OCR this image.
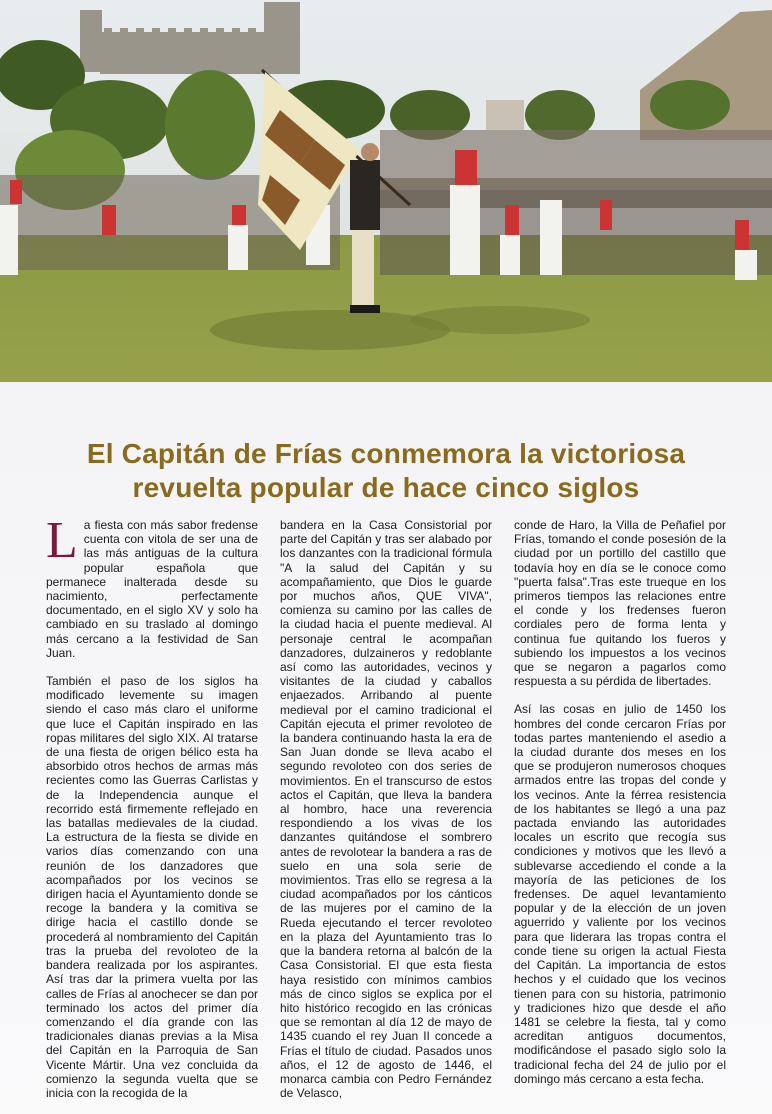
El Capitán de Frías conmemora la victoriosa revuelta popular de hace cinco siglos

La fiesta con más sabor fredense cuenta con vitola de ser una de las más antiguas de la cultura popular española que permanece inalterada desde su nacimiento, perfectamente documentado, en el siglo XV y solo ha cambiado en su traslado al domingo más cercano a la festividad de San Juan.

También el paso de los siglos ha modificado levemente su imagen siendo el caso más claro el uniforme que luce el Capitán inspirado en las ropas militares del siglo XIX. Al tratarse de una fiesta de origen bélico esta ha absorbido otros hechos de armas más recientes como las Guerras Carlistas y de la Independencia aunque el recorrido está firmemente reflejado en las batallas medievales de la ciudad. La estructura de la fiesta se divide en varios días comenzando con una reunión de los danzadores que acompañados por los vecinos se dirigen hacia el Ayuntamiento donde se recoge la bandera y la comitiva se dirige hacia el castillo donde se procederá al nombramiento del Capitán tras la prueba del revoloteo de la bandera realizada por los aspirantes. Así tras dar la primera vuelta por las calles de Frías al anochecer se dan por terminado los actos del primer día comenzando el día grande con las tradicionales dianas previas a la Misa del Capitán en la Parroquia de San Vicente Mártir. Una vez concluida da comienzo la segunda vuelta que se inicia con la recogida de la

bandera en la Casa Consistorial por parte del Capitán y tras ser alabado por los danzantes con la tradicional fórmula "A la salud del Capitán y su acompañamiento, que Dios le guarde por muchos años, QUE VIVA", comienza su camino por las calles de la ciudad hacia el puente medieval. Al personaje central le acompañan danzadores, dulzaineros y redoblante así como las autoridades, vecinos y visitantes de la ciudad y caballos enjaezados. Arribando al puente medieval por el camino tradicional el Capitán ejecuta el primer revoloteo de la bandera continuando hasta la era de San Juan donde se lleva acabo el segundo revoloteo con dos series de movimientos. En el transcurso de estos actos el Capitán, que lleva la bandera al hombro, hace una reverencia respondiendo a los vivas de los danzantes quitándose el sombrero antes de revolotear la bandera a ras de suelo en una sola serie de movimientos. Tras ello se regresa a la ciudad acompañados por los cánticos de las mujeres por el camino de la Rueda ejecutando el tercer revoloteo en la plaza del Ayuntamiento tras lo que la bandera retorna al balcón de la Casa Consistorial. El que esta fiesta haya resistido con mínimos cambios más de cinco siglos se explica por el hito histórico recogido en las crónicas que se remontan al día 12 de mayo de 1435 cuando el rey Juan II concede a Frías el título de ciudad. Pasados unos años, el 12 de agosto de 1446, el monarca cambia con Pedro Fernández de Velasco,

conde de Haro, la Villa de Peñafiel por Frías, tomando el conde posesión de la ciudad por un portillo del castillo que todavía hoy en día se le conoce como "puerta falsa".Tras este trueque en los primeros tiempos las relaciones entre el conde y los fredenses fueron cordiales pero de forma lenta y continua fue quitando los fueros y subiendo los impuestos a los vecinos que se negaron a pagarlos como respuesta a su pérdida de libertades.

Así las cosas en julio de 1450 los hombres del conde cercaron Frías por todas partes manteniendo el asedio a la ciudad durante dos meses en los que se produjeron numerosos choques armados entre las tropas del conde y los vecinos. Ante la férrea resistencia de los habitantes se llegó a una paz pactada enviando las autoridades locales un escrito que recogía sus condiciones y motivos que les llevó a sublevarse accediendo el conde a la mayoría de las peticiones de los fredenses. De aquel levantamiento popular y de la elección de un joven aguerrido y valiente por los vecinos para que liderara las tropas contra el conde tiene su origen la actual Fiesta del Capitán. La importancia de estos hechos y el cuidado que los vecinos tienen para con su historia, patrimonio y tradiciones hizo que desde el año 1481 se celebre la fiesta, tal y como acreditan antiguos documentos, modificándose el pasado siglo solo la tradicional fecha del 24 de julio por el domingo más cercano a esta fecha.
